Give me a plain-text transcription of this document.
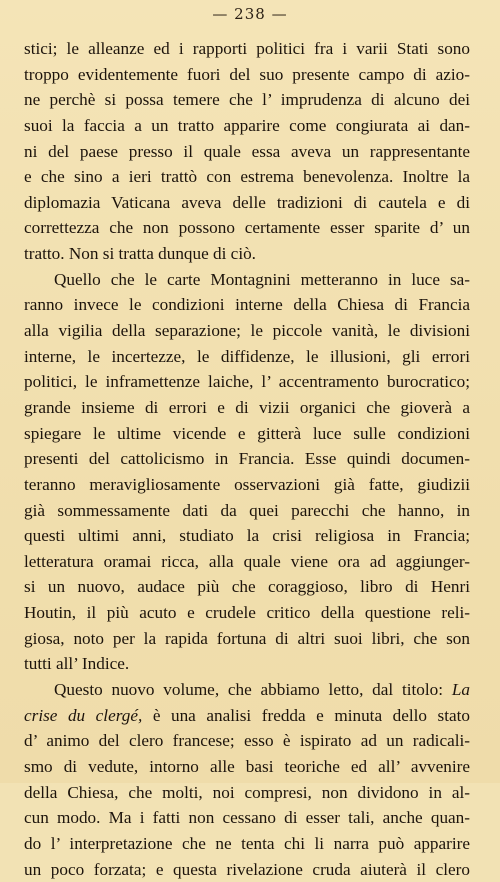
— 238 —
stici; le alleanze ed i rapporti politici fra i varii Stati sono
troppo evidentemente fuori del suo presente campo di azio-
ne perchè si possa temere che l’ imprudenza di alcuno dei
suoi la faccia a un tratto apparire come congiurata ai dan-
ni del paese presso il quale essa aveva un rappresentante
e che sino a ieri trattò con estrema benevolenza. Inoltre la
diplomazia Vaticana aveva delle tradizioni di cautela e di
correttezza che non possono certamente esser sparite d’ un
tratto. Non si tratta dunque di ciò.
Quello che le carte Montagnini metteranno in luce sa-
ranno invece le condizioni interne della Chiesa di Francia
alla vigilia della separazione; le piccole vanità, le divisioni
interne, le incertezze, le diffidenze, le illusioni, gli errori
politici, le inframettenze laiche, l’ accentramento burocratico;
grande insieme di errori e di vizii organici che gioverà a
spiegare le ultime vicende e gitterà luce sulle condizioni
presenti del cattolicismo in Francia. Esse quindi documen-
teranno meravigliosamente osservazioni già fatte, giudizii
già sommessamente dati da quei parecchi che hanno, in
questi ultimi anni, studiato la crisi religiosa in Francia;
letteratura oramai ricca, alla quale viene ora ad aggiunger-
si un nuovo, audace più che coraggioso, libro di Henri
Houtin, il più acuto e crudele critico della questione reli-
giosa, noto per la rapida fortuna di altri suoi libri, che son
tutti all’ Indice.
Questo nuovo volume, che abbiamo letto, dal titolo: La
crise du clergé, è una analisi fredda e minuta dello stato
d’ animo del clero francese; esso è ispirato ad un radicali-
smo di vedute, intorno alle basi teoriche ed all’ avvenire
della Chiesa, che molti, noi compresi, non dividono in al-
cun modo. Ma i fatti non cessano di esser tali, anche quan-
do l’ interpretazione che ne tenta chi li narra può apparire
un poco forzata; e questa rivelazione cruda aiuterà il clero
